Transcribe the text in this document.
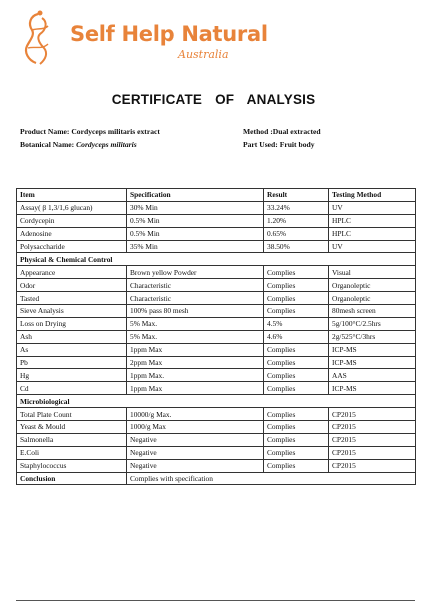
Self Help Natural
Australia
CERTIFICATE OF ANALYSIS
Product Name: Cordyceps militaris extract
Botanical Name: Cordyceps militaris
Method :Dual extracted
Part Used: Fruit body
Item	Specification	Result	Testing Method
Assay( β 1,3/1,6 glucan)	30% Min	33.24%	UV
Cordycepin	0.5% Min	1.20%	HPLC
Adenosine	0.5% Min	0.65%	HPLC
Polysaccharide	35% Min	38.50%	UV
Physical & Chemical Control			
Appearance	Brown yellow Powder	Complies	Visual
Odor	Characteristic	Complies	Organoleptic
Tasted	Characteristic	Complies	Organoleptic
Sieve Analysis	100% pass 80 mesh	Complies	80mesh screen
Loss on Drying	5% Max.	4.5%	5g/100°C/2.5hrs
Ash	5% Max.	4.6%	2g/525°C/3hrs
As	1ppm Max	Complies	ICP-MS
Pb	2ppm Max	Complies	ICP-MS
Hg	1ppm Max.	Complies	AAS
Cd	1ppm Max	Complies	ICP-MS
Microbiological			
Total Plate Count	10000/g Max.	Complies	CP2015
Yeast & Mould	1000/g Max	Complies	CP2015
Salmonella	Negative	Complies	CP2015
E.Coli	Negative	Complies	CP2015
Staphylococcus	Negative	Complies	CP2015
Conclusion	Complies with specification		
